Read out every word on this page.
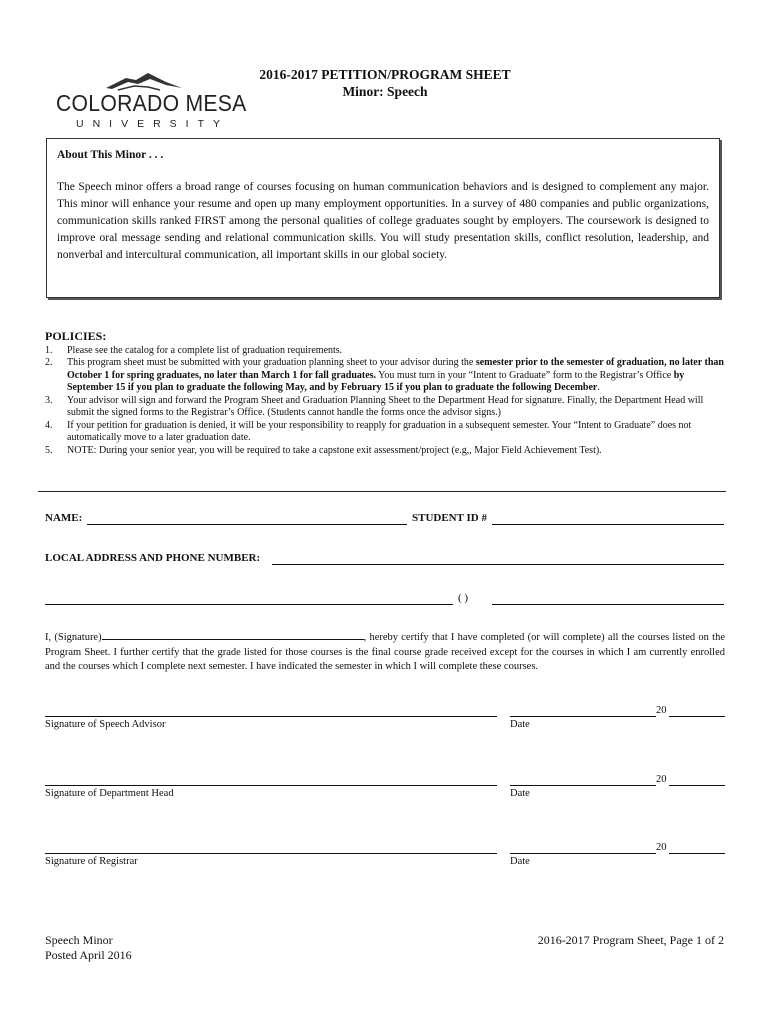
COLORADO MESA
UNIVERSITY
2016-2017 PETITION/PROGRAM SHEET
Minor: Speech
About This Minor . . .
The Speech minor offers a broad range of courses focusing on human communication behaviors and is designed to complement any major. This minor will enhance your resume and open up many employment opportunities. In a survey of 480 companies and public organizations, communication skills ranked FIRST among the personal qualities of college graduates sought by employers. The coursework is designed to improve oral message sending and relational communication skills. You will study presentation skills, conflict resolution, leadership, and nonverbal and intercultural communication, all important skills in our global society.
POLICIES:
1.	Please see the catalog for a complete list of graduation requirements.
2.	This program sheet must be submitted with your graduation planning sheet to your advisor during the semester prior to the semester of graduation, no later than October 1 for spring graduates, no later than March 1 for fall graduates. You must turn in your “Intent to Graduate” form to the Registrar’s Office by September 15 if you plan to graduate the following May, and by February 15 if you plan to graduate the following December.
3.	Your advisor will sign and forward the Program Sheet and Graduation Planning Sheet to the Department Head for signature. Finally, the Department Head will submit the signed forms to the Registrar’s Office. (Students cannot handle the forms once the advisor signs.)
4.	If your petition for graduation is denied, it will be your responsibility to reapply for graduation in a subsequent semester. Your “Intent to Graduate” does not automatically move to a later graduation date.
5.	NOTE: During your senior year, you will be required to take a capstone exit assessment/project (e.g,, Major Field Achievement Test).
NAME:	STUDENT ID #
LOCAL ADDRESS AND PHONE NUMBER:
( )
I, (Signature)	, hereby certify that I have completed (or will complete) all the courses listed on the Program Sheet. I further certify that the grade listed for those courses is the final course grade received except for the courses in which I am currently enrolled and the courses which I complete next semester. I have indicated the semester in which I will complete these courses.
Signature of Speech Advisor
20
Date
Signature of Department Head
20
Date
Signature of Registrar
20
Date
Speech Minor
Posted April 2016
2016-2017 Program Sheet, Page 1 of 2
